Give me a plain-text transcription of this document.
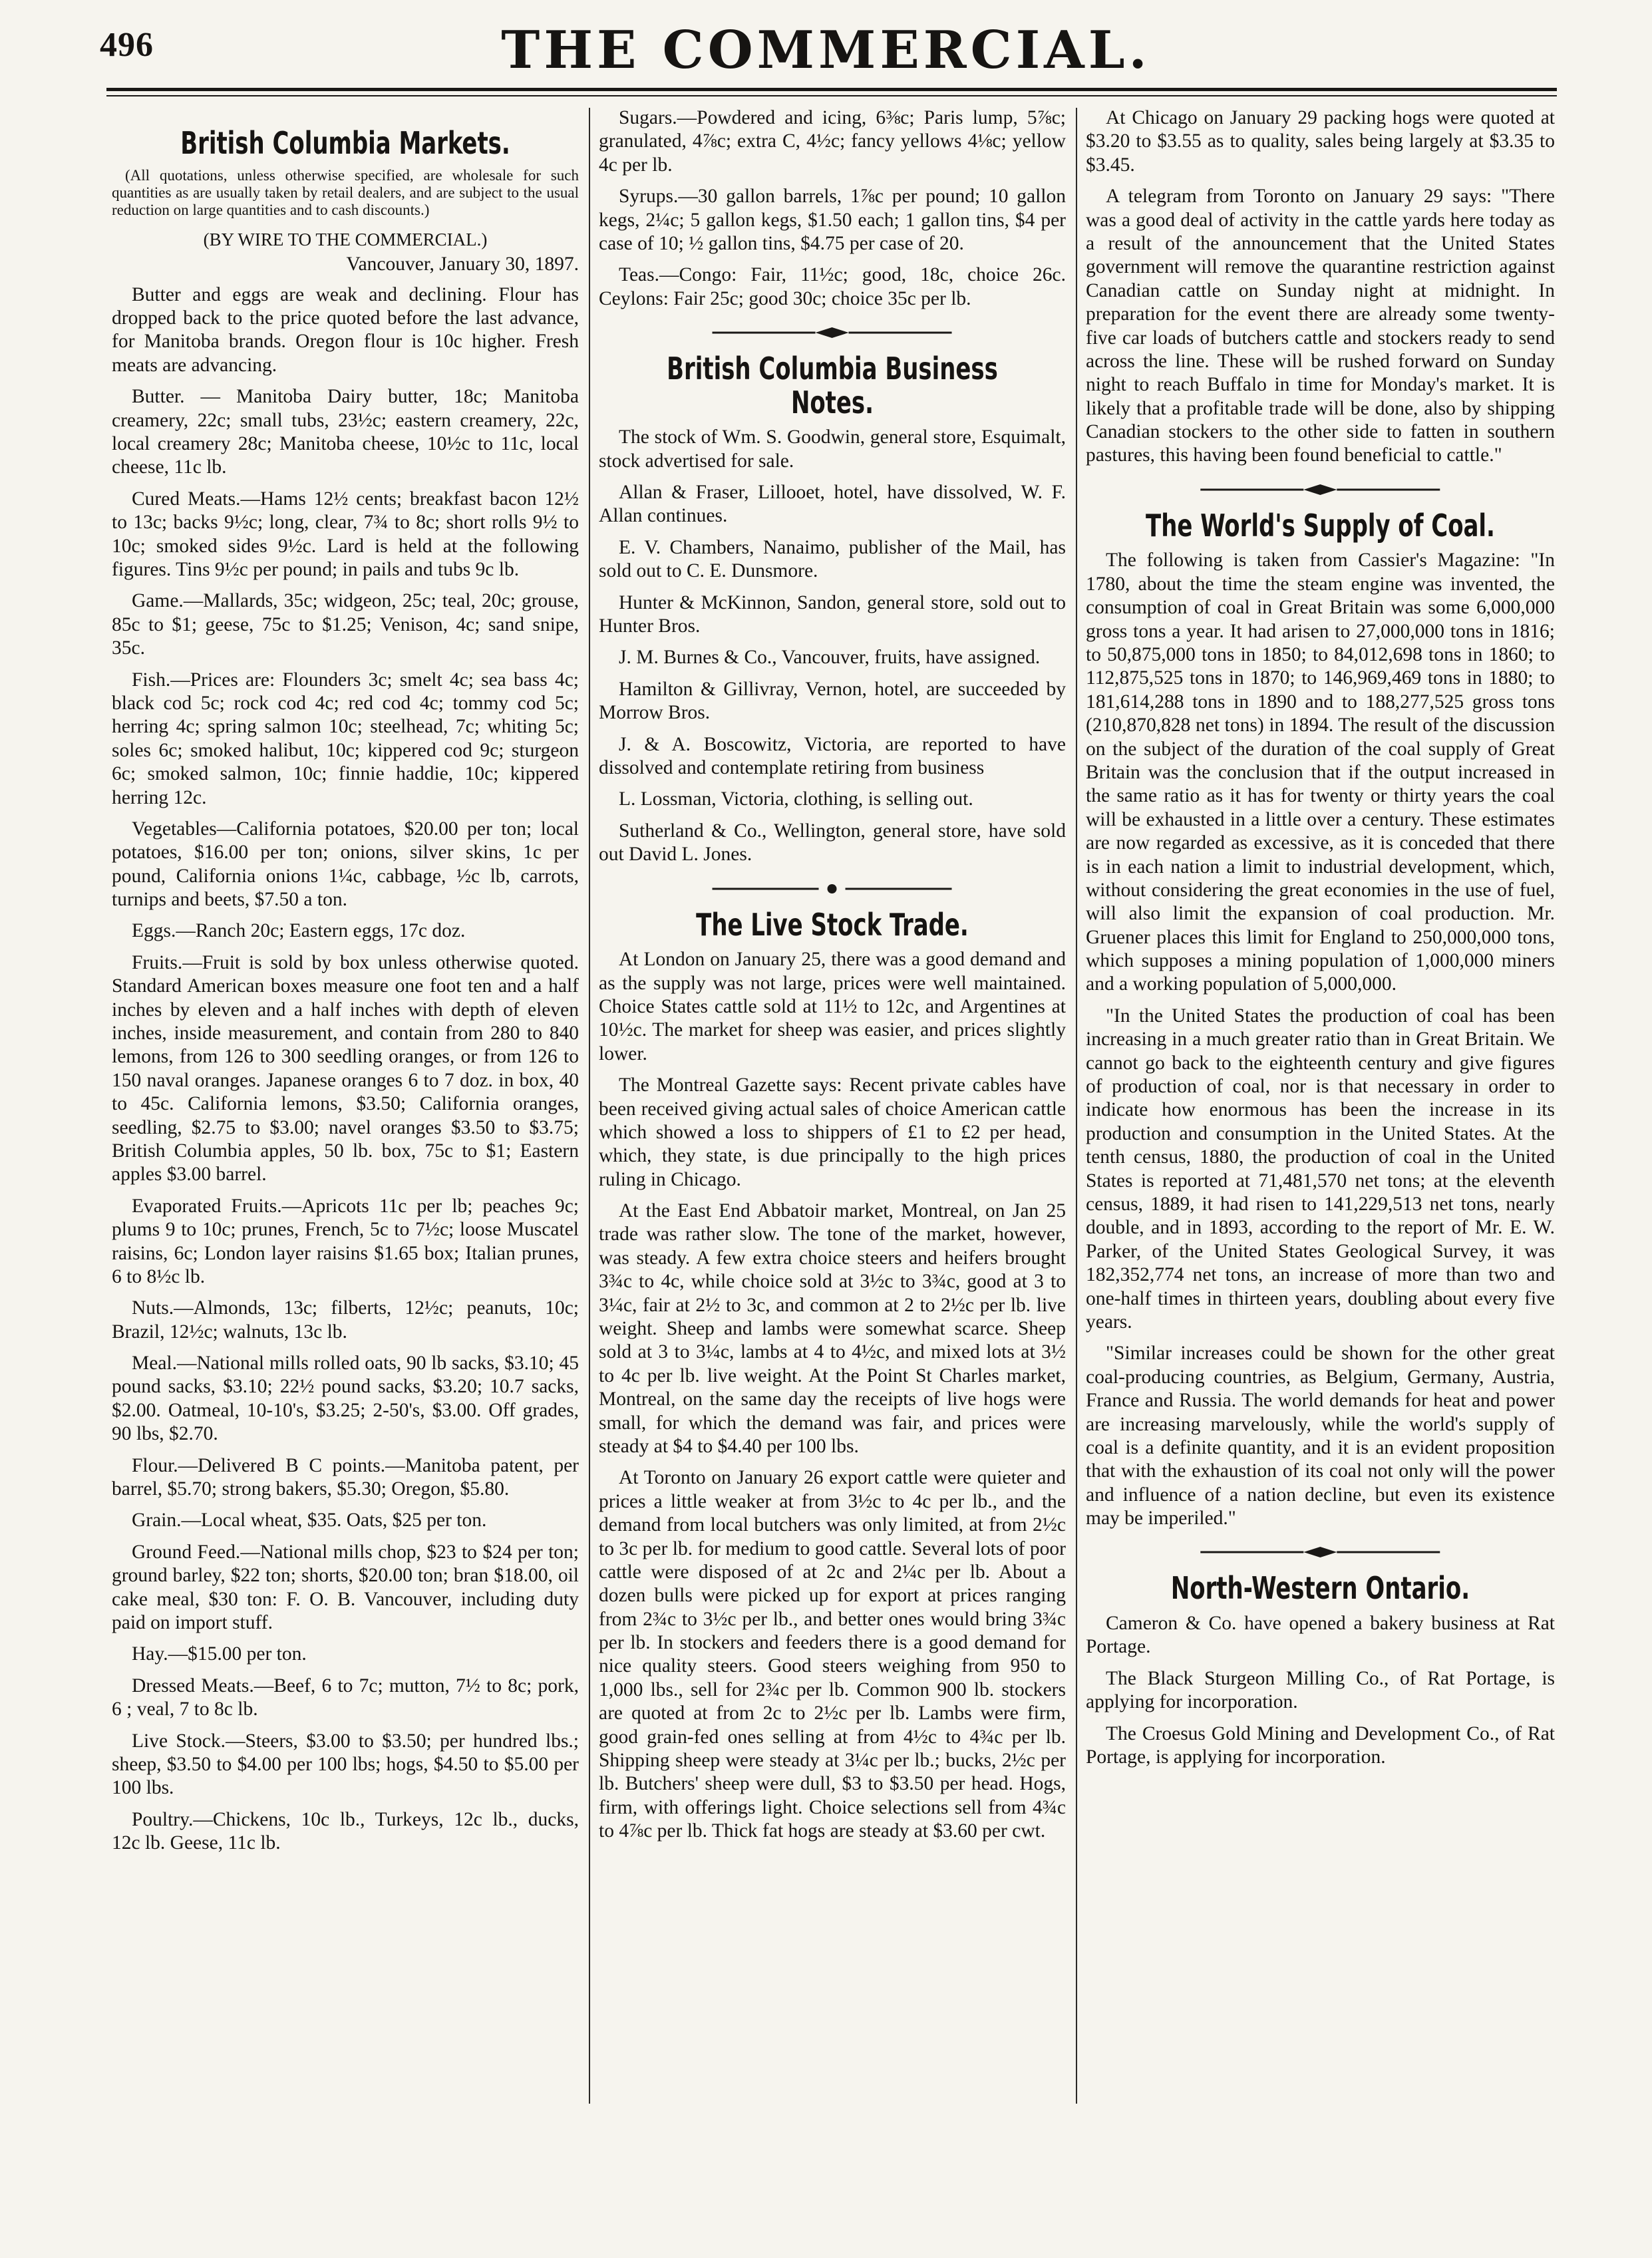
496	THE COMMERCIAL.
British Columbia Markets.

(All quotations, unless otherwise specified, are wholesale for such quantities as are usually taken by retail dealers, and are subject to the usual reduction on large quantities and to cash discounts.)

(BY WIRE TO THE COMMERCIAL.)

Vancouver, January 30, 1897.

Butter and eggs are weak and declining. Flour has dropped back to the price quoted before the last advance, for Manitoba brands. Oregon flour is 10c higher. Fresh meats are advancing.

Butter. — Manitoba Dairy butter, 18c; Manitoba creamery, 22c; small tubs, 23½c; eastern creamery, 22c, local creamery 28c; Manitoba cheese, 10½c to 11c, local cheese, 11c lb.

Cured Meats.—Hams 12½ cents; breakfast bacon 12½ to 13c; backs 9½c; long, clear, 7¾ to 8c; short rolls 9½ to 10c; smoked sides 9½c. Lard is held at the following figures. Tins 9½c per pound; in pails and tubs 9c lb.

Game.—Mallards, 35c; widgeon, 25c; teal, 20c; grouse, 85c to $1; geese, 75c to $1.25; Venison, 4c; sand snipe, 35c.

Fish.—Prices are: Flounders 3c; smelt 4c; sea bass 4c; black cod 5c; rock cod 4c; red cod 4c; tommy cod 5c; herring 4c; spring salmon 10c; steelhead, 7c; whiting 5c; soles 6c; smoked halibut, 10c; kippered cod 9c; sturgeon 6c; smoked salmon, 10c; finnie haddie, 10c; kippered herring 12c.

Vegetables—California potatoes, $20.00 per ton; local potatoes, $16.00 per ton; onions, silver skins, 1c per pound, California onions 1¼c, cabbage, ½c lb, carrots, turnips and beets, $7.50 a ton.

Eggs.—Ranch 20c; Eastern eggs, 17c doz.

Fruits.—Fruit is sold by box unless otherwise quoted. Standard American boxes measure one foot ten and a half inches by eleven and a half inches with depth of eleven inches, inside measurement, and contain from 280 to 840 lemons, from 126 to 300 seedling oranges, or from 126 to 150 naval oranges. Japanese oranges 6 to 7 doz. in box, 40 to 45c. California lemons, $3.50; California oranges, seedling, $2.75 to $3.00; navel oranges $3.50 to $3.75; British Columbia apples, 50 lb. box, 75c to $1; Eastern apples $3.00 barrel.

Evaporated Fruits.—Apricots 11c per lb; peaches 9c; plums 9 to 10c; prunes, French, 5c to 7½c; loose Muscatel raisins, 6c; London layer raisins $1.65 box; Italian prunes, 6 to 8½c lb.

Nuts.—Almonds, 13c; filberts, 12½c; peanuts, 10c; Brazil, 12½c; walnuts, 13c lb.

Meal.—National mills rolled oats, 90 lb sacks, $3.10; 45 pound sacks, $3.10; 22½ pound sacks, $3.20; 10.7 sacks, $2.00. Oatmeal, 10-10's, $3.25; 2-50's, $3.00. Off grades, 90 lbs, $2.70.

Flour.—Delivered B C points.—Manitoba patent, per barrel, $5.70; strong bakers, $5.30; Oregon, $5.80.

Grain.—Local wheat, $35. Oats, $25 per ton.

Ground Feed.—National mills chop, $23 to $24 per ton; ground barley, $22 ton; shorts, $20.00 ton; bran $18.00, oil cake meal, $30 ton: F. O. B. Vancouver, including duty paid on import stuff.

Hay.—$15.00 per ton.

Dressed Meats.—Beef, 6 to 7c; mutton, 7½ to 8c; pork, 6 ; veal, 7 to 8c lb.

Live Stock.—Steers, $3.00 to $3.50; per hundred lbs.; sheep, $3.50 to $4.00 per 100 lbs; hogs, $4.50 to $5.00 per 100 lbs.

Poultry.—Chickens, 10c lb., Turkeys, 12c lb., ducks, 12c lb. Geese, 11c lb.

Sugars.—Powdered and icing, 6⅜c; Paris lump, 5⅞c; granulated, 4⅞c; extra C, 4½c; fancy yellows 4⅛c; yellow 4c per lb.

Syrups.—30 gallon barrels, 1⅞c per pound; 10 gallon kegs, 2¼c; 5 gallon kegs, $1.50 each; 1 gallon tins, $4 per case of 10; ½ gallon tins, $4.75 per case of 20.

Teas.—Congo: Fair, 11½c; good, 18c, choice 26c. Ceylons: Fair 25c; good 30c; choice 35c per lb.

British Columbia Business Notes.

The stock of Wm. S. Goodwin, general store, Esquimalt, stock advertised for sale.

Allan & Fraser, Lillooet, hotel, have dissolved, W. F. Allan continues.

E. V. Chambers, Nanaimo, publisher of the Mail, has sold out to C. E. Dunsmore.

Hunter & McKinnon, Sandon, general store, sold out to Hunter Bros.

J. M. Burnes & Co., Vancouver, fruits, have assigned.

Hamilton & Gillivray, Vernon, hotel, are succeeded by Morrow Bros.

J. & A. Boscowitz, Victoria, are reported to have dissolved and contemplate retiring from business

L. Lossman, Victoria, clothing, is selling out.

Sutherland & Co., Wellington, general store, have sold out David L. Jones.

The Live Stock Trade.

At London on January 25, there was a good demand and as the supply was not large, prices were well maintained. Choice States cattle sold at 11½ to 12c, and Argentines at 10½c. The market for sheep was easier, and prices slightly lower.

The Montreal Gazette says: Recent private cables have been received giving actual sales of choice American cattle which showed a loss to shippers of £1 to £2 per head, which, they state, is due principally to the high prices ruling in Chicago.

At the East End Abbatoir market, Montreal, on Jan 25 trade was rather slow. The tone of the market, however, was steady. A few extra choice steers and heifers brought 3¾c to 4c, while choice sold at 3½c to 3¾c, good at 3 to 3¼c, fair at 2½ to 3c, and common at 2 to 2½c per lb. live weight. Sheep and lambs were somewhat scarce. Sheep sold at 3 to 3¼c, lambs at 4 to 4½c, and mixed lots at 3½ to 4c per lb. live weight. At the Point St Charles market, Montreal, on the same day the receipts of live hogs were small, for which the demand was fair, and prices were steady at $4 to $4.40 per 100 lbs.

At Toronto on January 26 export cattle were quieter and prices a little weaker at from 3½c to 4c per lb., and the demand from local butchers was only limited, at from 2½c to 3c per lb. for medium to good cattle. Several lots of poor cattle were disposed of at 2c and 2¼c per lb. About a dozen bulls were picked up for export at prices ranging from 2¾c to 3½c per lb., and better ones would bring 3¾c per lb. In stockers and feeders there is a good demand for nice quality steers. Good steers weighing from 950 to 1,000 lbs., sell for 2¾c per lb. Common 900 lb. stockers are quoted at from 2c to 2½c per lb. Lambs were firm, good grain-fed ones selling at from 4½c to 4¾c per lb. Shipping sheep were steady at 3¼c per lb.; bucks, 2½c per lb. Butchers' sheep were dull, $3 to $3.50 per head. Hogs, firm, with offerings light. Choice selections sell from 4¾c to 4⅞c per lb. Thick fat hogs are steady at $3.60 per cwt.

At Chicago on January 29 packing hogs were quoted at $3.20 to $3.55 as to quality, sales being largely at $3.35 to $3.45.

A telegram from Toronto on January 29 says: "There was a good deal of activity in the cattle yards here today as a result of the announcement that the United States government will remove the quarantine restriction against Canadian cattle on Sunday night at midnight. In preparation for the event there are already some twenty-five car loads of butchers cattle and stockers ready to send across the line. These will be rushed forward on Sunday night to reach Buffalo in time for Monday's market. It is likely that a profitable trade will be done, also by shipping Canadian stockers to the other side to fatten in southern pastures, this having been found beneficial to cattle."

The World's Supply of Coal.

The following is taken from Cassier's Magazine: "In 1780, about the time the steam engine was invented, the consumption of coal in Great Britain was some 6,000,000 gross tons a year. It had arisen to 27,000,000 tons in 1816; to 50,875,000 tons in 1850; to 84,012,698 tons in 1860; to 112,875,525 tons in 1870; to 146,969,469 tons in 1880; to 181,614,288 tons in 1890 and to 188,277,525 gross tons (210,870,828 net tons) in 1894. The result of the discussion on the subject of the duration of the coal supply of Great Britain was the conclusion that if the output increased in the same ratio as it has for twenty or thirty years the coal will be exhausted in a little over a century. These estimates are now regarded as excessive, as it is conceded that there is in each nation a limit to industrial development, which, without considering the great economies in the use of fuel, will also limit the expansion of coal production. Mr. Gruener places this limit for England to 250,000,000 tons, which supposes a mining population of 1,000,000 miners and a working population of 5,000,000.

"In the United States the production of coal has been increasing in a much greater ratio than in Great Britain. We cannot go back to the eighteenth century and give figures of production of coal, nor is that necessary in order to indicate how enormous has been the increase in its production and consumption in the United States. At the tenth census, 1880, the production of coal in the United States is reported at 71,481,570 net tons; at the eleventh census, 1889, it had risen to 141,229,513 net tons, nearly double, and in 1893, according to the report of Mr. E. W. Parker, of the United States Geological Survey, it was 182,352,774 net tons, an increase of more than two and one-half times in thirteen years, doubling about every five years.

"Similar increases could be shown for the other great coal-producing countries, as Belgium, Germany, Austria, France and Russia. The world demands for heat and power are increasing marvelously, while the world's supply of coal is a definite quantity, and it is an evident proposition that with the exhaustion of its coal not only will the power and influence of a nation decline, but even its existence may be imperiled."

North-Western Ontario.

Cameron & Co. have opened a bakery business at Rat Portage.

The Black Sturgeon Milling Co., of Rat Portage, is applying for incorporation.

The Croesus Gold Mining and Development Co., of Rat Portage, is applying for incorporation.
